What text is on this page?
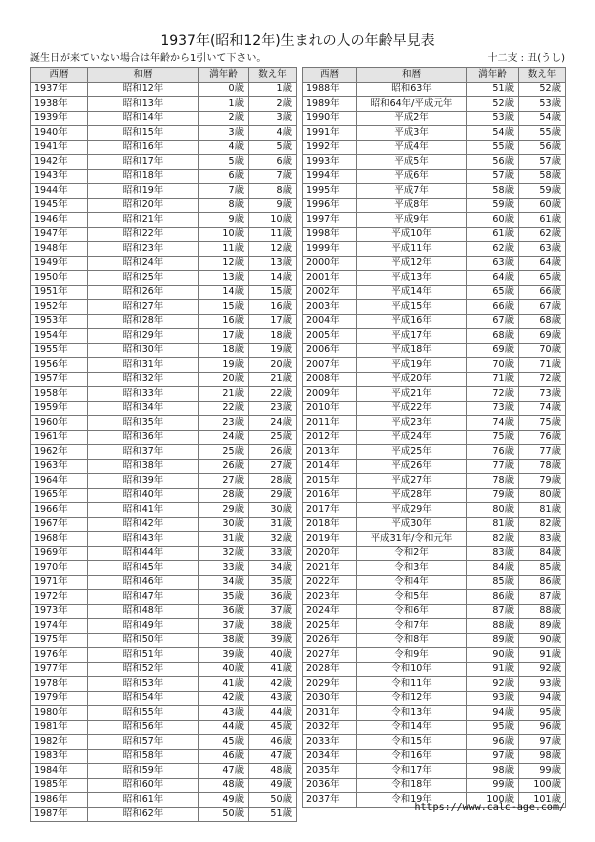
1937年(昭和12年)生まれの人の年齢早見表
誕生日が来ていない場合は年齢から1引いて下さい。	十二支 : 丑(うし)
西暦	和暦	満年齢	数え年
1937年	昭和12年	0歳	1歳
1938年	昭和13年	1歳	2歳
1939年	昭和14年	2歳	3歳
1940年	昭和15年	3歳	4歳
1941年	昭和16年	4歳	5歳
1942年	昭和17年	5歳	6歳
1943年	昭和18年	6歳	7歳
1944年	昭和19年	7歳	8歳
1945年	昭和20年	8歳	9歳
1946年	昭和21年	9歳	10歳
1947年	昭和22年	10歳	11歳
1948年	昭和23年	11歳	12歳
1949年	昭和24年	12歳	13歳
1950年	昭和25年	13歳	14歳
1951年	昭和26年	14歳	15歳
1952年	昭和27年	15歳	16歳
1953年	昭和28年	16歳	17歳
1954年	昭和29年	17歳	18歳
1955年	昭和30年	18歳	19歳
1956年	昭和31年	19歳	20歳
1957年	昭和32年	20歳	21歳
1958年	昭和33年	21歳	22歳
1959年	昭和34年	22歳	23歳
1960年	昭和35年	23歳	24歳
1961年	昭和36年	24歳	25歳
1962年	昭和37年	25歳	26歳
1963年	昭和38年	26歳	27歳
1964年	昭和39年	27歳	28歳
1965年	昭和40年	28歳	29歳
1966年	昭和41年	29歳	30歳
1967年	昭和42年	30歳	31歳
1968年	昭和43年	31歳	32歳
1969年	昭和44年	32歳	33歳
1970年	昭和45年	33歳	34歳
1971年	昭和46年	34歳	35歳
1972年	昭和47年	35歳	36歳
1973年	昭和48年	36歳	37歳
1974年	昭和49年	37歳	38歳
1975年	昭和50年	38歳	39歳
1976年	昭和51年	39歳	40歳
1977年	昭和52年	40歳	41歳
1978年	昭和53年	41歳	42歳
1979年	昭和54年	42歳	43歳
1980年	昭和55年	43歳	44歳
1981年	昭和56年	44歳	45歳
1982年	昭和57年	45歳	46歳
1983年	昭和58年	46歳	47歳
1984年	昭和59年	47歳	48歳
1985年	昭和60年	48歳	49歳
1986年	昭和61年	49歳	50歳
1987年	昭和62年	50歳	51歳
西暦	和暦	満年齢	数え年
1988年	昭和63年	51歳	52歳
1989年	昭和64年/平成元年	52歳	53歳
1990年	平成2年	53歳	54歳
1991年	平成3年	54歳	55歳
1992年	平成4年	55歳	56歳
1993年	平成5年	56歳	57歳
1994年	平成6年	57歳	58歳
1995年	平成7年	58歳	59歳
1996年	平成8年	59歳	60歳
1997年	平成9年	60歳	61歳
1998年	平成10年	61歳	62歳
1999年	平成11年	62歳	63歳
2000年	平成12年	63歳	64歳
2001年	平成13年	64歳	65歳
2002年	平成14年	65歳	66歳
2003年	平成15年	66歳	67歳
2004年	平成16年	67歳	68歳
2005年	平成17年	68歳	69歳
2006年	平成18年	69歳	70歳
2007年	平成19年	70歳	71歳
2008年	平成20年	71歳	72歳
2009年	平成21年	72歳	73歳
2010年	平成22年	73歳	74歳
2011年	平成23年	74歳	75歳
2012年	平成24年	75歳	76歳
2013年	平成25年	76歳	77歳
2014年	平成26年	77歳	78歳
2015年	平成27年	78歳	79歳
2016年	平成28年	79歳	80歳
2017年	平成29年	80歳	81歳
2018年	平成30年	81歳	82歳
2019年	平成31年/令和元年	82歳	83歳
2020年	令和2年	83歳	84歳
2021年	令和3年	84歳	85歳
2022年	令和4年	85歳	86歳
2023年	令和5年	86歳	87歳
2024年	令和6年	87歳	88歳
2025年	令和7年	88歳	89歳
2026年	令和8年	89歳	90歳
2027年	令和9年	90歳	91歳
2028年	令和10年	91歳	92歳
2029年	令和11年	92歳	93歳
2030年	令和12年	93歳	94歳
2031年	令和13年	94歳	95歳
2032年	令和14年	95歳	96歳
2033年	令和15年	96歳	97歳
2034年	令和16年	97歳	98歳
2035年	令和17年	98歳	99歳
2036年	令和18年	99歳	100歳
2037年	令和19年	100歳	101歳
https://www.calc-age.com/
